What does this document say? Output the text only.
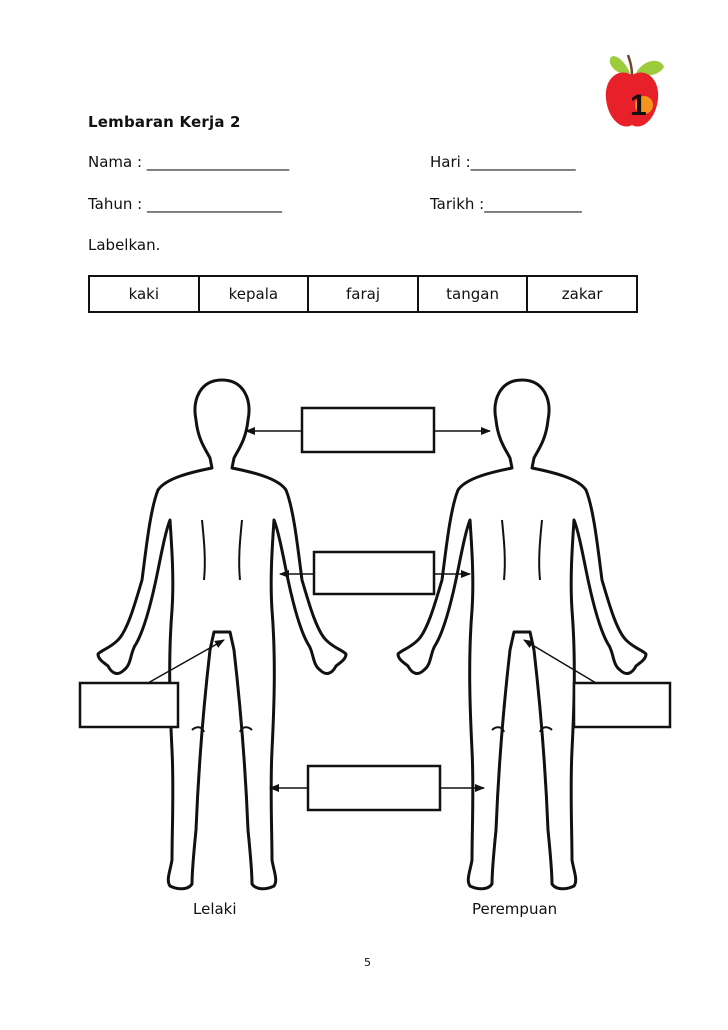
1
Lembaran Kerja 2
Nama : ___________________	Hari :______________
Tahun : __________________	Tarikh :_____________
Labelkan.
kaki	kepala	faraj	tangan	zakar
Lelaki	Perempuan
5
